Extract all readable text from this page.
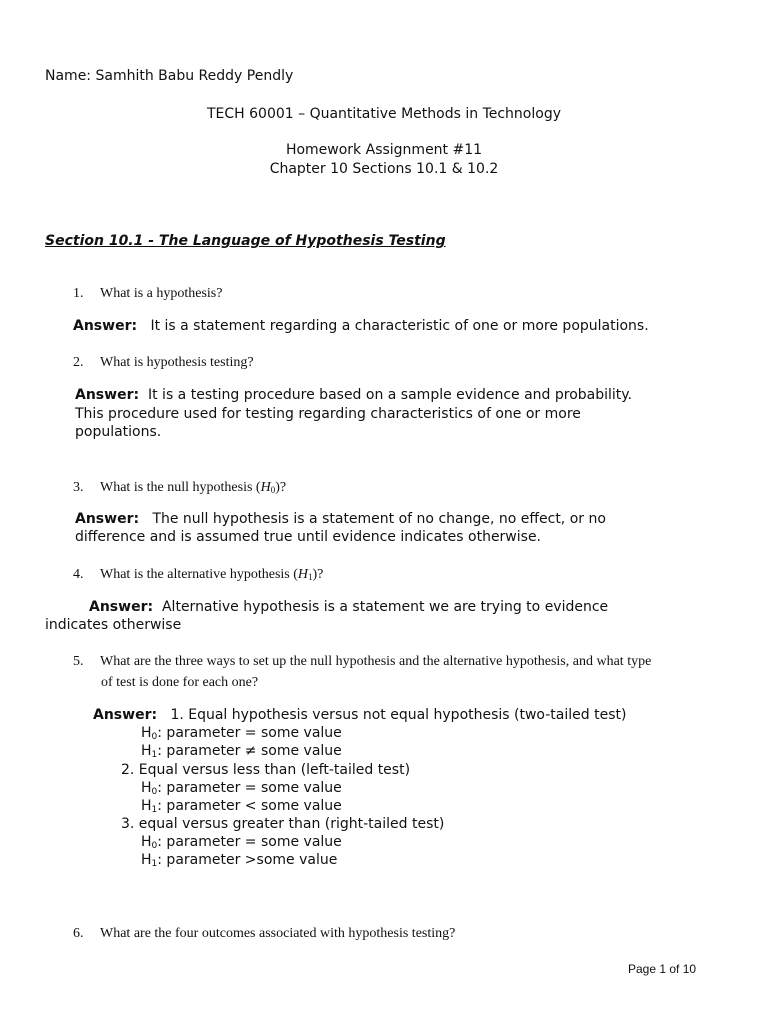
Name: Samhith Babu Reddy Pendly
TECH 60001 – Quantitative Methods in Technology
Homework Assignment #11
Chapter 10 Sections 10.1 & 10.2
Section 10.1 - The Language of Hypothesis Testing
1. What is a hypothesis?
Answer: It is a statement regarding a characteristic of one or more populations.
2. What is hypothesis testing?
Answer: It is a testing procedure based on a sample evidence and probability.
This procedure used for testing regarding characteristics of one or more
populations.
3. What is the null hypothesis $(H_0)$?
Answer: The null hypothesis is a statement of no change, no effect, or no
difference and is assumed true until evidence indicates otherwise.
4. What is the alternative hypothesis $(H_1)$?
Answer: Alternative hypothesis is a statement we are trying to evidence
indicates otherwise
5. What are the three ways to set up the null hypothesis and the alternative hypothesis, and what type
of test is done for each one?
Answer: 1. Equal hypothesis versus not equal hypothesis (two-tailed test)
$H_0$: parameter = some value
$H_1$: parameter ≠ some value
2. Equal versus less than (left-tailed test)
$H_0$: parameter = some value
$H_1$: parameter < some value
3. equal versus greater than (right-tailed test)
$H_0$: parameter = some value
$H_1$: parameter >some value
6. What are the four outcomes associated with hypothesis testing?
Page 1 of 10
